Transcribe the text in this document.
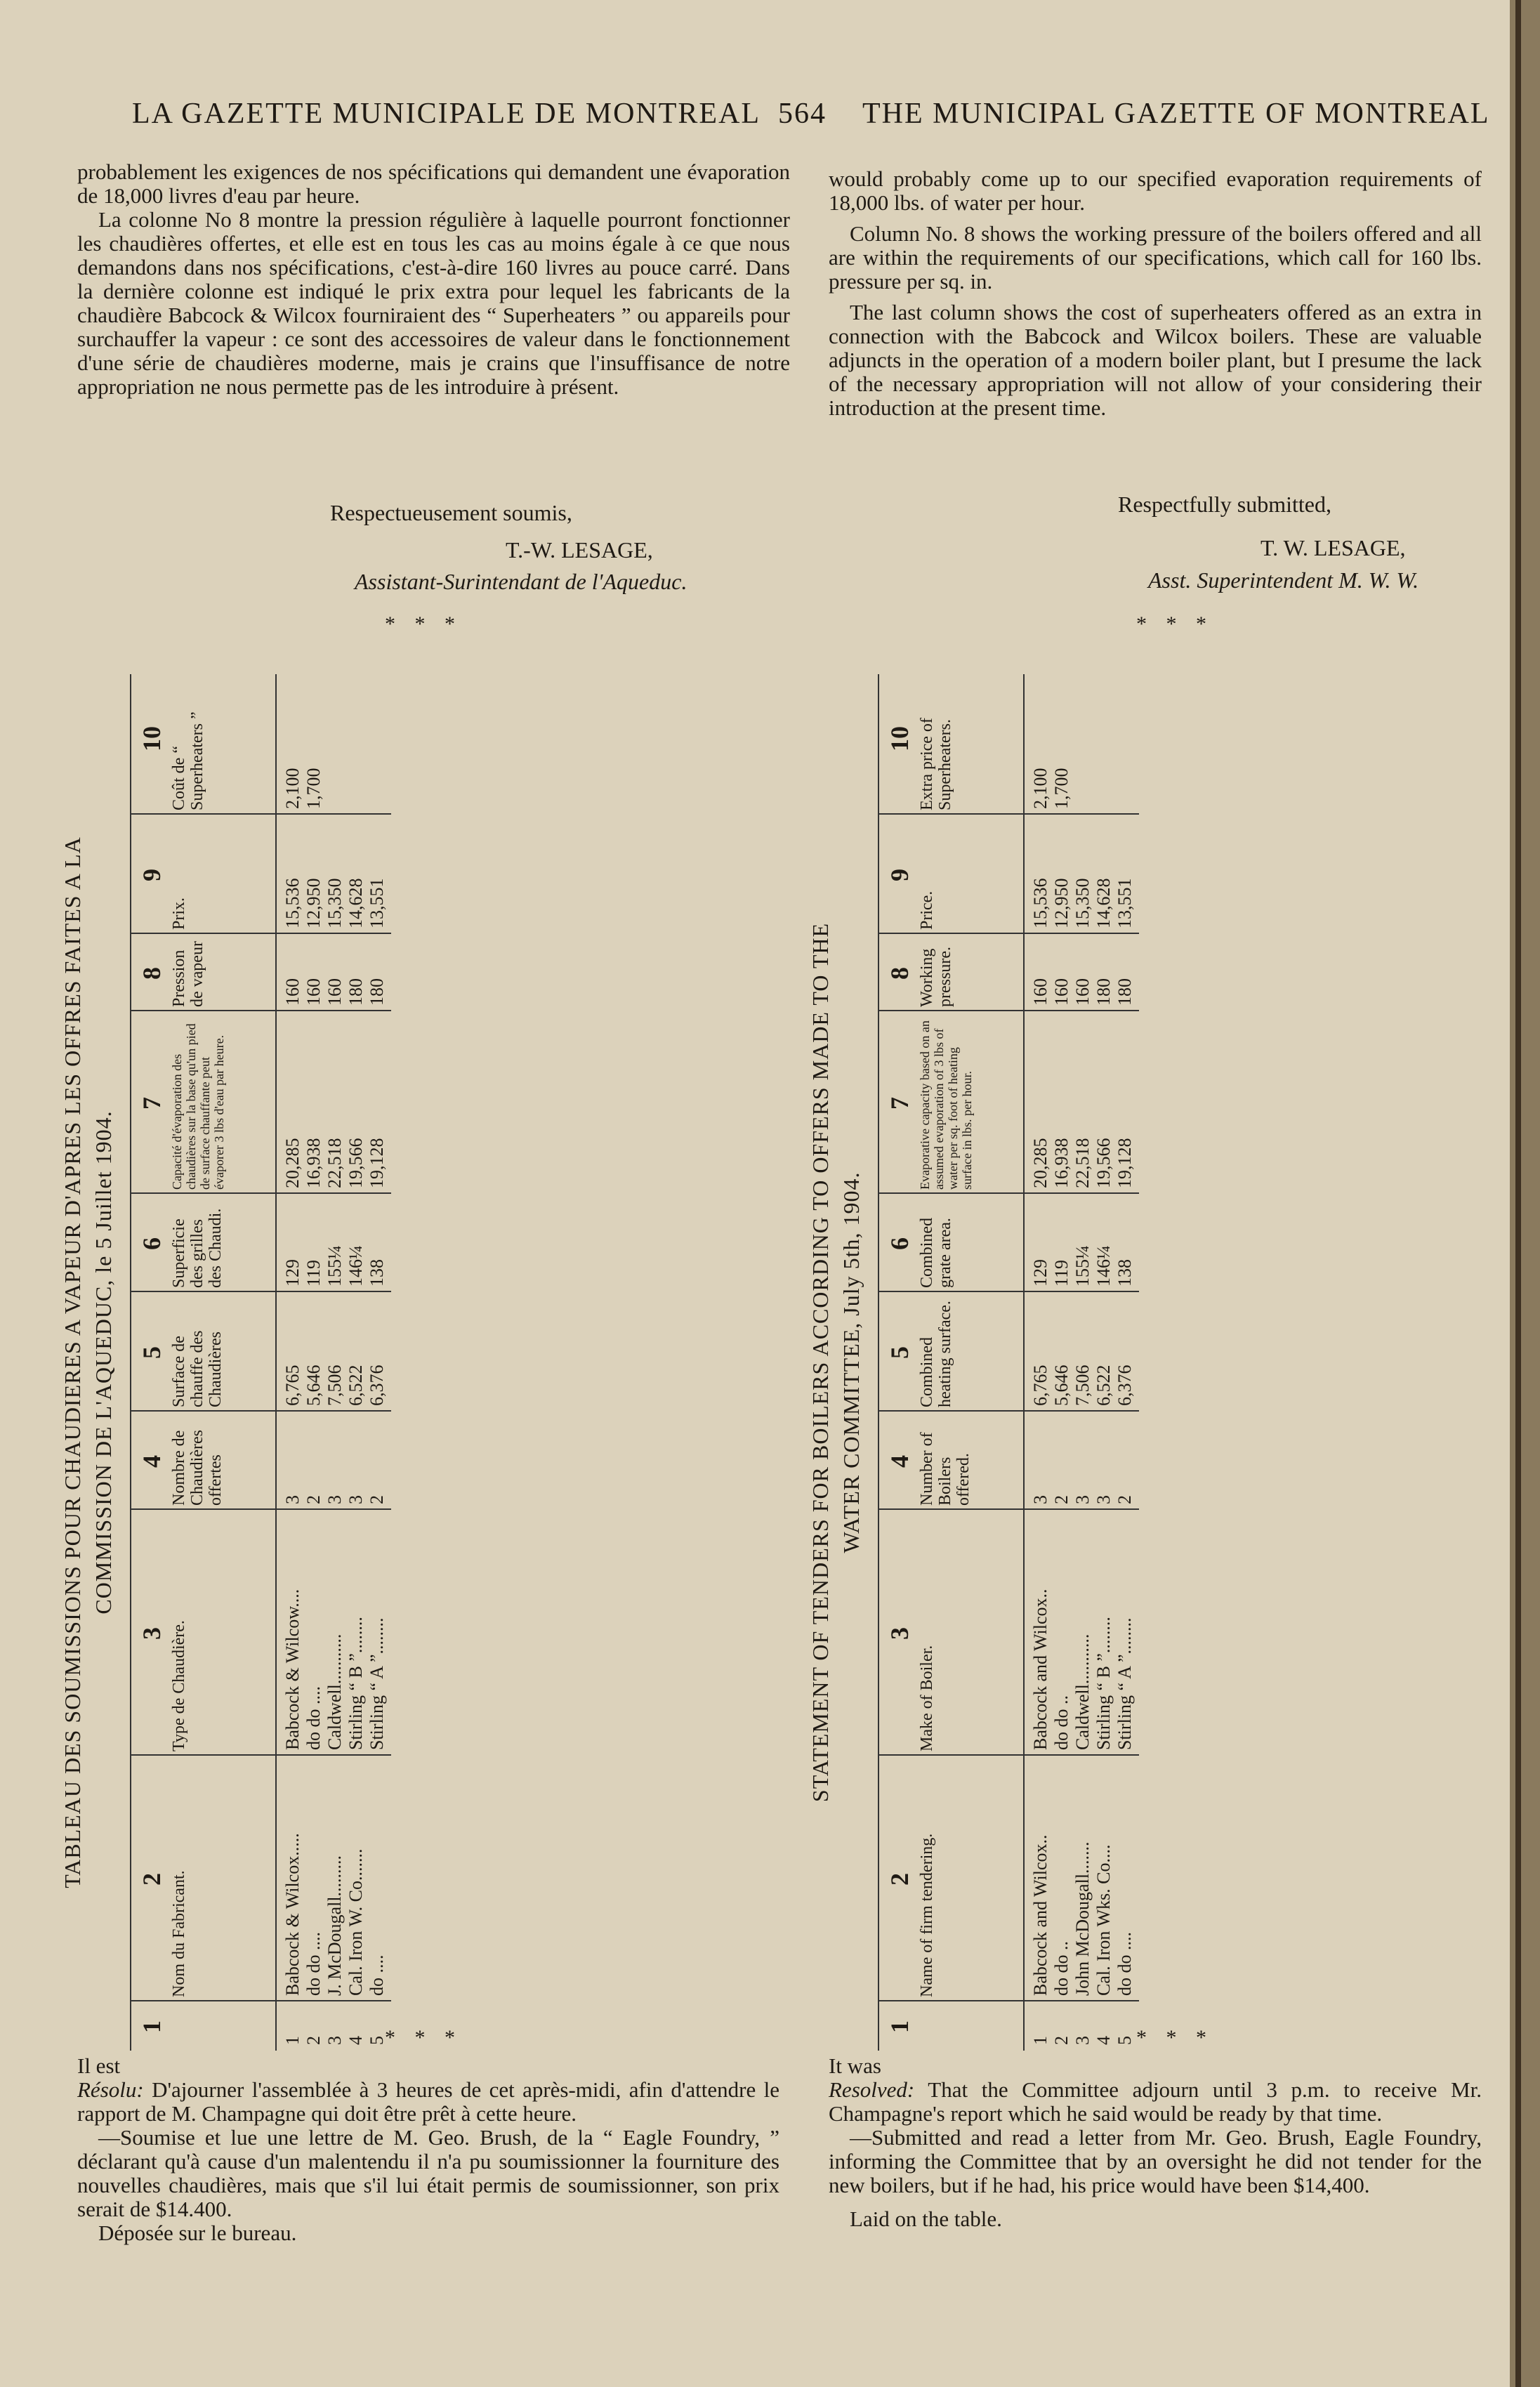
LA GAZETTE MUNICIPALE DE MONTREAL 564 THE MUNICIPAL GAZETTE OF MONTREAL

probablement les exigences de nos spécifications qui demandent une évaporation de 18,000 livres d'eau par heure.

La colonne No 8 montre la pression régulière à laquelle pourront fonctionner les chaudières offertes, et elle est en tous les cas au moins égale à ce que nous demandons dans nos spécifications, c'est-à-dire 160 livres au pouce carré. Dans la dernière colonne est indiqué le prix extra pour lequel les fabricants de la chaudière Babcock & Wilcox fourniraient des “ Superheaters ” ou appareils pour surchauffer la vapeur : ce sont des accessoires de valeur dans le fonctionnement d'une série de chaudières moderne, mais je crains que l'insuffisance de notre appropriation ne nous permette pas de les introduire à présent.

Respectueusement soumis,
T.-W. LESAGE,
Assistant-Surintendant de l'Aqueduc.
* * *
TABLEAU DES SOUMISSIONS POUR CHAUDIERES A VAPEUR D'APRES LES OFFRES FAITES A LA COMMISSION DE L'AQUEDUC, le 5 Juillet 1904.
1
2
3
4
5
6
7
8
9
10
Nom du Fabricant.
Type de Chaudière.
Nombre de Chaudières offertes
Surface de chauffe des Chaudières
Superficie des grilles des Chaudi.
Capacité d'évaporation des chaudières sur la base qu'un pied de surface chauffante peut évaporer 3 lbs d'eau par heure.
Pression de vapeur
Prix.
Coût de “ Superheaters ”
1
Babcock & Wilcox.....
Babcock & Wilcow....
3
6,765
129
20,285
160
15,536
2,100
2
do do ....
do do ....
2
5,646
119
16,938
160
12,950
1,700
3
J. McDougall.........
Caldwell...........
3
7,506
155¼
22,518
160
15,350
4
Cal. Iron W. Co.......
Stirling “ B ”........
3
6,522
146¼
19,566
180
14,628
5
do ....
Stirling “ A ”........
2
6,376
138
19,128
180
13,551
* * *

Il est

Résolu: D'ajourner l'assemblée à 3 heures de cet après-midi, afin d'attendre le rapport de M. Champagne qui doit être prêt à cette heure.

—Soumise et lue une lettre de M. Geo. Brush, de la “ Eagle Foundry, ” déclarant qu'à cause d'un malentendu il n'a pu soumissionner la fourniture des nouvelles chaudières, mais que s'il lui était permis de soumissionner, son prix serait de $14.400.

Déposée sur le bureau.

would probably come up to our specified evaporation requirements of 18,000 lbs. of water per hour.

Column No. 8 shows the working pressure of the boilers offered and all are within the requirements of our specifications, which call for 160 lbs. pressure per sq. in.

The last column shows the cost of superheaters offered as an extra in connection with the Babcock and Wilcox boilers. These are valuable adjuncts in the operation of a modern boiler plant, but I presume the lack of the necessary appropriation will not allow of your considering their introduction at the present time.

Respectfully submitted,
T. W. LESAGE,
Asst. Superintendent M. W. W.
* * *
STATEMENT OF TENDERS FOR BOILERS ACCORDING TO OFFERS MADE TO THE WATER COMMITTEE, July 5th, 1904.
1
2
3
4
5
6
7
8
9
10
Name of firm tendering.
Make of Boiler.
Number of Boilers offered.
Combined heating surface.
Combined grate area.
Evaporative capacity based on an assumed evaporation of 3 lbs of water per sq. foot of heating surface in lbs. per hour.
Working pressure.
Price.
Extra price of Superheaters.
1
Babcock and Wilcox..
Babcock and Wilcox..
3
6,765
129
20,285
160
15,536
2,100
2
do do ..
do do ..
2
5,646
119
16,938
160
12,950
1,700
3
John McDougall.......
Caldwell...........
3
7,506
155¼
22,518
160
15,350
4
Cal. Iron Wks. Co....
Stirling “ B ”........
3
6,522
146¼
19,566
180
14,628
5
do do ....
Stirling “ A ”........
2
6,376
138
19,128
180
13,551
* * *

It was

Resolved: That the Committee adjourn until 3 p.m. to receive Mr. Champagne's report which he said would be ready by that time.

—Submitted and read a letter from Mr. Geo. Brush, Eagle Foundry, informing the Committee that by an oversight he did not tender for the new boilers, but if he had, his price would have been $14,400.

Laid on the table.
